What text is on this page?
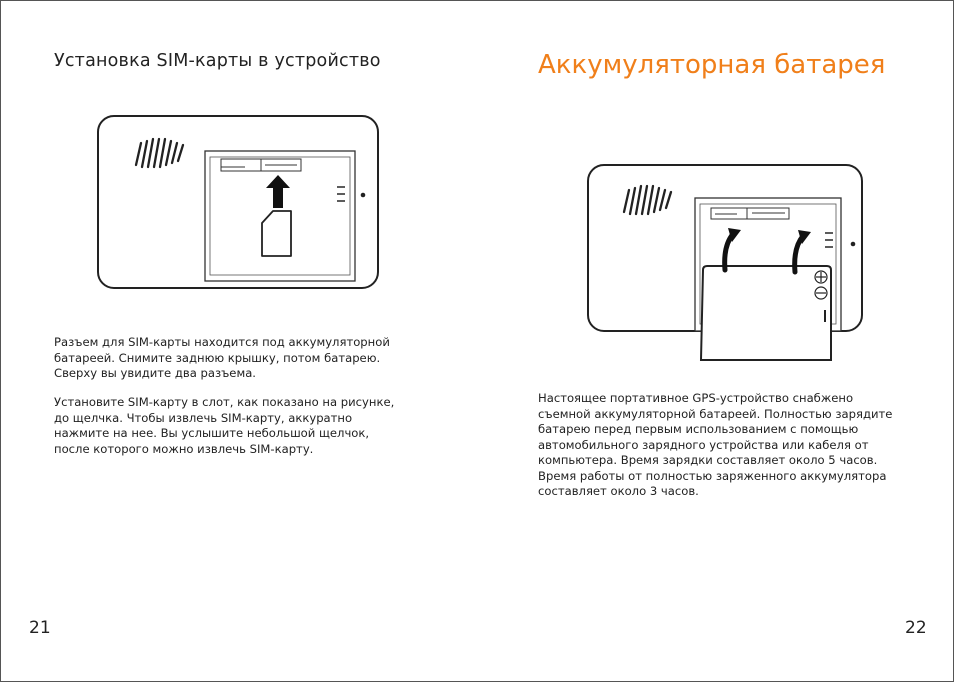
Установка SIM-карты в устройство

Разъем для SIM-карты находится под аккумуляторной батареей. Снимите заднюю крышку, потом батарею. Сверху вы увидите два разъема.

Установите SIM-карту в слот, как показано на рисунке, до щелчка. Чтобы извлечь SIM-карту, аккуратно нажмите на нее. Вы услышите небольшой щелчок, после которого можно извлечь SIM-карту.

21
Аккумуляторная батарея

Настоящее портативное GPS-устройство снабжено съемной аккумуляторной батареей. Полностью зарядите батарею перед первым использованием с помощью автомобильного зарядного устройства или кабеля от компьютера. Время зарядки составляет около 5 часов. Время работы от полностью заряженного аккумулятора составляет около 3 часов.

22
